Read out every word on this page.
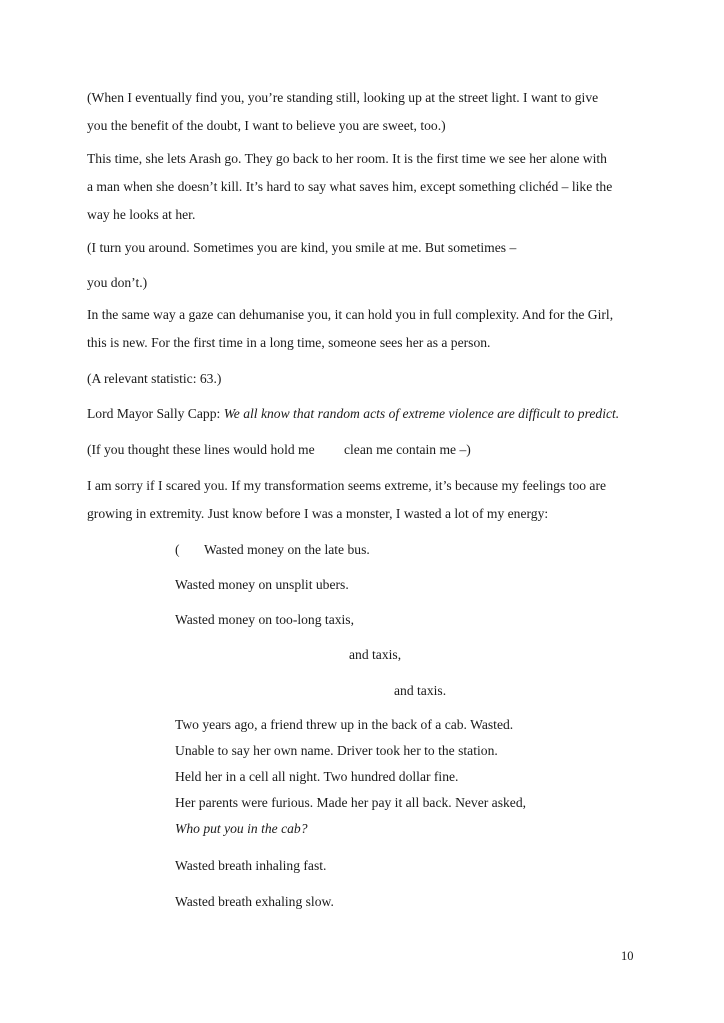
(When I eventually find you, you’re standing still, looking up at the street light. I want to give

you the benefit of the doubt, I want to believe you are sweet, too.)

This time, she lets Arash go. They go back to her room. It is the first time we see her alone with

a man when she doesn’t kill. It’s hard to say what saves him, except something clichéd – like the

way he looks at her.

(I turn you around. Sometimes you are kind, you smile at me. But sometimes –

you don’t.)

In the same way a gaze can dehumanise you, it can hold you in full complexity. And for the Girl,

this is new. For the first time in a long time, someone sees her as a person.

(A relevant statistic: 63.)

Lord Mayor Sally Capp: We all know that random acts of extreme violence are difficult to predict.

(If you thought these lines would hold me clean me contain me –)

I am sorry if I scared you. If my transformation seems extreme, it’s because my feelings too are

growing in extremity. Just know before I was a monster, I wasted a lot of my energy:

( Wasted money on the late bus.

Wasted money on unsplit ubers.

Wasted money on too-long taxis,

and taxis,

and taxis.

Two years ago, a friend threw up in the back of a cab. Wasted.

Unable to say her own name. Driver took her to the station.

Held her in a cell all night. Two hundred dollar fine.

Her parents were furious. Made her pay it all back. Never asked,

Who put you in the cab?

Wasted breath inhaling fast.

Wasted breath exhaling slow.

10
